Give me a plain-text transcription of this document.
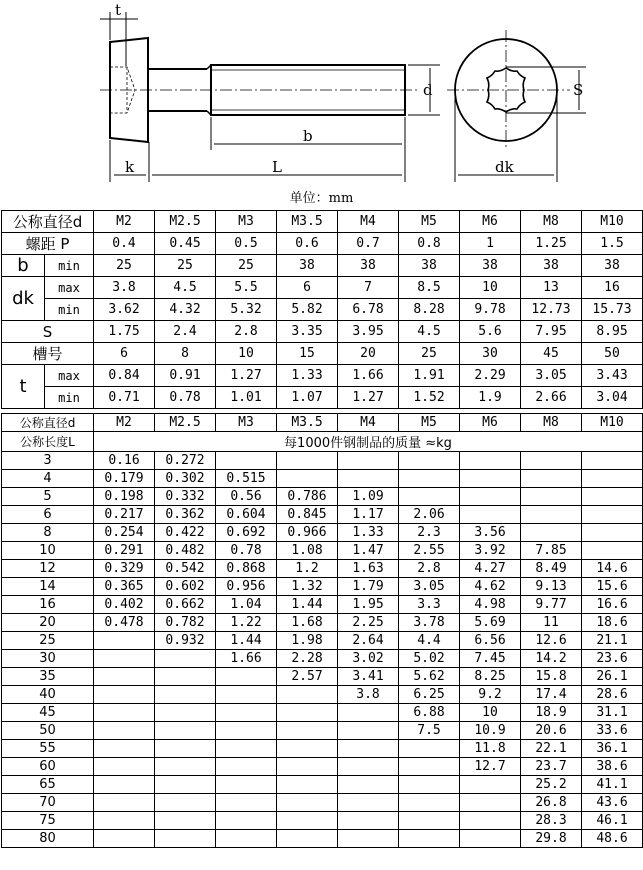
t
k	L
b
d	S
dk
单位：mm
公称直径d		M2	M2.5	M3	M3.5	M4	M5	M6	M8	M10
螺距 P		0.4	0.45	0.5	0.6	0.7	0.8	1	1.25	1.5
b	min	25	25	25	38	38	38	38	38	38
dk	max	3.8	4.5	5.5	6	7	8.5	10	13	16
	min	3.62	4.32	5.32	5.82	6.78	8.28	9.78	12.73	15.73
S		1.75	2.4	2.8	3.35	3.95	4.5	5.6	7.95	8.95
槽号		6	8	10	15	20	25	30	45	50
t	max	0.84	0.91	1.27	1.33	1.66	1.91	2.29	3.05	3.43
	min	0.71	0.78	1.01	1.07	1.27	1.52	1.9	2.66	3.04
公称直径d	M2	M2.5	M3	M3.5	M4	M5	M6	M8	M10
公称长度L	每1000件钢制品的质量 ≈kg								
3	0.16	0.272							
4	0.179	0.302	0.515						
5	0.198	0.332	0.56	0.786	1.09				
6	0.217	0.362	0.604	0.845	1.17	2.06			
8	0.254	0.422	0.692	0.966	1.33	2.3	3.56		
10	0.291	0.482	0.78	1.08	1.47	2.55	3.92	7.85	
12	0.329	0.542	0.868	1.2	1.63	2.8	4.27	8.49	14.6
14	0.365	0.602	0.956	1.32	1.79	3.05	4.62	9.13	15.6
16	0.402	0.662	1.04	1.44	1.95	3.3	4.98	9.77	16.6
20	0.478	0.782	1.22	1.68	2.25	3.78	5.69	11	18.6
25		0.932	1.44	1.98	2.64	4.4	6.56	12.6	21.1
30			1.66	2.28	3.02	5.02	7.45	14.2	23.6
35				2.57	3.41	5.62	8.25	15.8	26.1
40					3.8	6.25	9.2	17.4	28.6
45						6.88	10	18.9	31.1
50						7.5	10.9	20.6	33.6
55							11.8	22.1	36.1
60							12.7	23.7	38.6
65								25.2	41.1
70								26.8	43.6
75								28.3	46.1
80								29.8	48.6
